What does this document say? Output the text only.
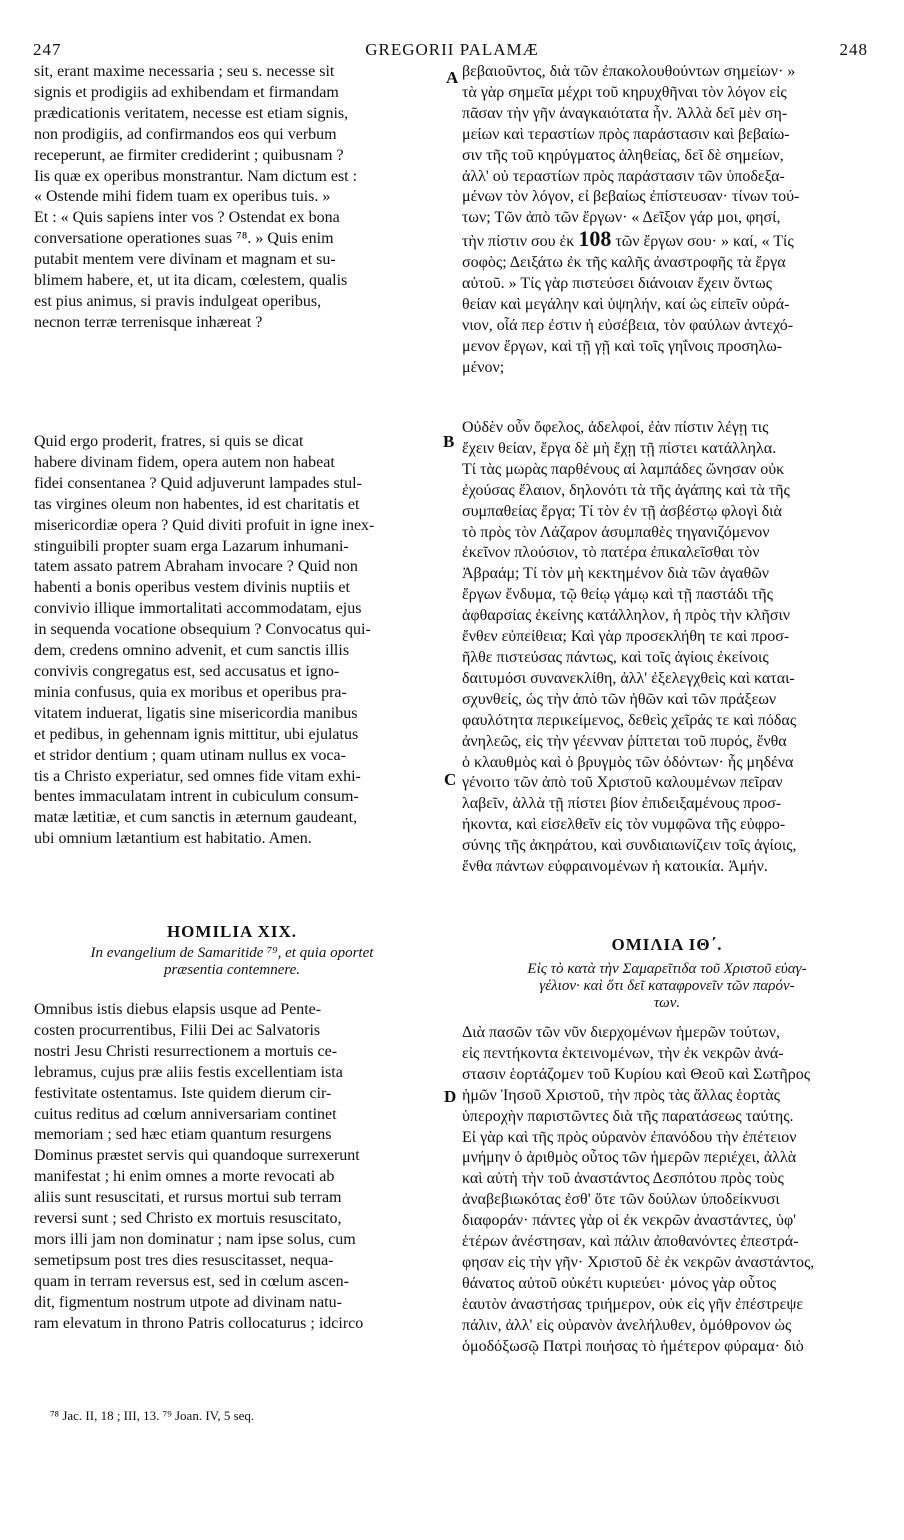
247	GREGORII PALAMÆ	248
A
B
C
D
sit, erant maxime necessaria ; seu s. necesse sit
signis et prodigiis ad exhibendam et firmandam
prædicationis veritatem, necesse est etiam signis,
non prodigiis, ad confirmandos eos qui verbum
receperunt, ae firmiter crediderint ; quibusnam ?
Iis quæ ex operibus monstrantur. Nam dictum est :
« Ostende mihi fidem tuam ex operibus tuis. »
Et : « Quis sapiens inter vos ? Ostendat ex bona
conversatione operationes suas ⁷⁸. » Quis enim
putabit mentem vere divinam et magnam et su-
blimem habere, et, ut ita dicam, cœlestem, qualis
est pius animus, si pravis indulgeat operibus,
necnon terræ terrenisque inhæreat ?
Quid ergo proderit, fratres, si quis se dicat
habere divinam fidem, opera autem non habeat
fidei consentanea ? Quid adjuverunt lampades stul-
tas virgines oleum non habentes, id est charitatis et
misericordiæ opera ? Quid diviti profuit in igne inex-
stinguibili propter suam erga Lazarum inhumani-
tatem assato patrem Abraham invocare ? Quid non
habenti a bonis operibus vestem divinis nuptiis et
convivio illique immortalitati accommodatam, ejus
in sequenda vocatione obsequium ? Convocatus qui-
dem, credens omnino advenit, et cum sanctis illis
convivis congregatus est, sed accusatus et igno-
minia confusus, quia ex moribus et operibus pra-
vitatem induerat, ligatis sine misericordia manibus
et pedibus, in gehennam ignis mittitur, ubi ejulatus
et stridor dentium ; quam utinam nullus ex voca-
tis a Christo experiatur, sed omnes fide vitam exhi-
bentes immaculatam intrent in cubiculum consum-
matæ lætitiæ, et cum sanctis in æternum gaudeant,
ubi omnium lætantium est habitatio. Amen.
HOMILIA XIX.
In evangelium de Samaritide ⁷⁹, et quia oportet
præsentia contemnere.
Omnibus istis diebus elapsis usque ad Pente-
costen procurrentibus, Filii Dei ac Salvatoris
nostri Jesu Christi resurrectionem a mortuis ce-
lebramus, cujus præ aliis festis excellentiam ista
festivitate ostentamus. Iste quidem dierum cir-
cuitus reditus ad cœlum anniversariam continet
memoriam ; sed hæc etiam quantum resurgens
Dominus præstet servis qui quandoque surrexerunt
manifestat ; hi enim omnes a morte revocati ab
aliis sunt resuscitati, et rursus mortui sub terram
reversi sunt ; sed Christo ex mortuis resuscitato,
mors illi jam non dominatur ; nam ipse solus, cum
semetipsum post tres dies resuscitasset, nequa-
quam in terram reversus est, sed in cœlum ascen-
dit, figmentum nostrum utpote ad divinam natu-
ram elevatum in throno Patris collocaturus ; idcirco
βεβαιοῦντος, διὰ τῶν ἐπακολουθούντων σημείων· »
τὰ γὰρ σημεῖα μέχρι τοῦ κηρυχθῆναι τὸν λόγον εἰς
πᾶσαν τὴν γῆν ἀναγκαιότατα ἦν. Ἀλλὰ δεῖ μὲν ση-
μείων καὶ τεραστίων πρὸς παράστασιν καὶ βεβαίω-
σιν τῆς τοῦ κηρύγματος ἀληθείας, δεῖ δὲ σημείων,
ἀλλ' οὐ τεραστίων πρὸς παράστασιν τῶν ὑποδεξα-
μένων τὸν λόγον, εἰ βεβαίως ἐπίστευσαν· τίνων τού-
των; Τῶν ἀπὸ τῶν ἔργων· « Δεῖξον γάρ μοι, φησί,
τὴν πίστιν σου ἐκ 108 τῶν ἔργων σου· » καί, « Τίς
σοφὸς; Δειξάτω ἐκ τῆς καλῆς ἀναστροφῆς τὰ ἔργα
αὐτοῦ. » Τίς γὰρ πιστεύσει διάνοιαν ἔχειν ὄντως
θείαν καὶ μεγάλην καὶ ὑψηλήν, καί ὡς εἰπεῖν οὐρά-
νιον, οἷά περ ἐστιν ἡ εὐσέβεια, τὸν φαύλων ἀντεχό-
μενον ἔργων, καὶ τῇ γῇ καὶ τοῖς γηΐνοις προσηλω-
μένον;
Οὐδὲν οὖν ὄφελος, ἀδελφοί, ἐὰν πίστιν λέγῃ τις
ἔχειν θείαν, ἔργα δὲ μὴ ἔχῃ τῇ πίστει κατάλληλα.
Τί τὰς μωρὰς παρθένους αἱ λαμπάδες ὤνησαν οὐκ
ἐχούσας ἔλαιον, δηλονότι τὰ τῆς ἀγάπης καὶ τὰ τῆς
συμπαθείας ἔργα; Τί τὸν ἐν τῇ ἀσβέστῳ φλογὶ διὰ
τὸ πρὸς τὸν Λάζαρον ἀσυμπαθὲς τηγανιζόμενον
ἐκεῖνον πλούσιον, τὸ πατέρα ἐπικαλεῖσθαι τὸν
Ἀβραάμ; Τί τὸν μὴ κεκτημένον διὰ τῶν ἀγαθῶν
ἔργων ἔνδυμα, τῷ θείῳ γάμῳ καὶ τῇ παστάδι τῆς
ἀφθαρσίας ἐκείνης κατάλληλον, ἡ πρὸς τὴν κλῆσιν
ἔνθεν εὐπείθεια; Καὶ γὰρ προσεκλήθη τε καὶ προσ-
ῆλθε πιστεύσας πάντως, καὶ τοῖς ἁγίοις ἐκείνοις
δαιτυμόσι συνανεκλίθη, ἀλλ' ἐξελεγχθεὶς καὶ καται-
σχυνθείς, ὡς τὴν ἀπὸ τῶν ἠθῶν καὶ τῶν πράξεων
φαυλότητα περικείμενος, δεθεὶς χεῖράς τε καὶ πόδας
ἀνηλεῶς, εἰς τὴν γέενναν ῥίπτεται τοῦ πυρός, ἔνθα
ὁ κλαυθμὸς καὶ ὁ βρυγμὸς τῶν ὀδόντων· ἧς μηδένα
γένοιτο τῶν ἀπὸ τοῦ Χριστοῦ καλουμένων πεῖραν
λαβεῖν, ἀλλὰ τῇ πίστει βίον ἐπιδειξαμένους προσ-
ήκοντα, καὶ εἰσελθεῖν εἰς τὸν νυμφῶνα τῆς εὐφρο-
σύνης τῆς ἀκηράτου, καὶ συνδιαιωνίζειν τοῖς ἁγίοις,
ἔνθα πάντων εὐφραινομένων ἡ κατοικία. Ἀμήν.
ΟΜΙΛΙΑ ΙΘ΄.
Εἰς τὸ κατὰ τὴν Σαμαρεῖτιδα τοῦ Χριστοῦ εὐαγ-
γέλιον· καὶ ὅτι δεῖ καταφρονεῖν τῶν παρόν-
των.
Διὰ πασῶν τῶν νῦν διερχομένων ἡμερῶν τούτων,
εἰς πεντήκοντα ἐκτεινομένων, τὴν ἐκ νεκρῶν ἀνά-
στασιν ἑορτάζομεν τοῦ Κυρίου καὶ Θεοῦ καὶ Σωτῆρος
ἡμῶν Ἰησοῦ Χριστοῦ, τὴν πρὸς τὰς ἄλλας ἑορτὰς
ὑπεροχὴν παριστῶντες διὰ τῆς παρατάσεως ταύτης.
Εἰ γὰρ καὶ τῆς πρὸς οὐρανὸν ἐπανόδου τὴν ἐπέτειον
μνήμην ὁ ἀριθμὸς οὗτος τῶν ἡμερῶν περιέχει, ἀλλὰ
καὶ αὐτὴ τὴν τοῦ ἀναστάντος Δεσπότου πρὸς τοὺς
ἀναβεβιωκότας ἐσθ' ὅτε τῶν δούλων ὑποδείκνυσι
διαφοράν· πάντες γὰρ οἱ ἐκ νεκρῶν ἀναστάντες, ὑφ'
ἑτέρων ἀνέστησαν, καὶ πάλιν ἀποθανόντες ἐπεστρά-
φησαν εἰς τὴν γῆν· Χριστοῦ δὲ ἐκ νεκρῶν ἀναστάντος,
θάνατος αὐτοῦ οὐκέτι κυριεύει· μόνος γὰρ οὗτος
ἑαυτὸν ἀναστήσας τριήμερον, οὐκ εἰς γῆν ἐπέστρεψε
πάλιν, ἀλλ' εἰς οὐρανὸν ἀνελήλυθεν, ὁμόθρονον ὡς
ὁμοδόξωσῷ Πατρὶ ποιήσας τὸ ἡμέτερον φύραμα· διὸ
⁷⁸ Jac. II, 18 ; III, 13. ⁷⁹ Joan. IV, 5 seq.
